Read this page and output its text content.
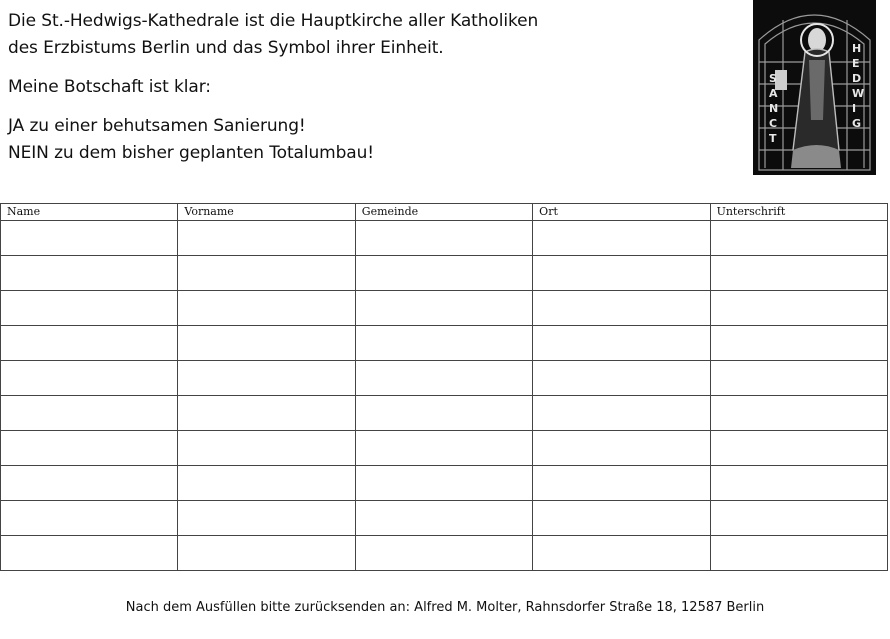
Die St.-Hedwigs-Kathedrale ist die Hauptkirche aller Katholiken

des Erzbistums Berlin und das Symbol ihrer Einheit.

Meine Botschaft ist klar:

JA zu einer behutsamen Sanierung!

NEIN zu dem bisher geplanten Totalumbau!

S
A
N
C
T
H
E
D
W
I
G
Name	Vorname	Gemeinde	Ort	Unterschrift

Nach dem Ausfüllen bitte zurücksenden an: Alfred M. Molter, Rahnsdorfer Straße 18, 12587 Berlin
